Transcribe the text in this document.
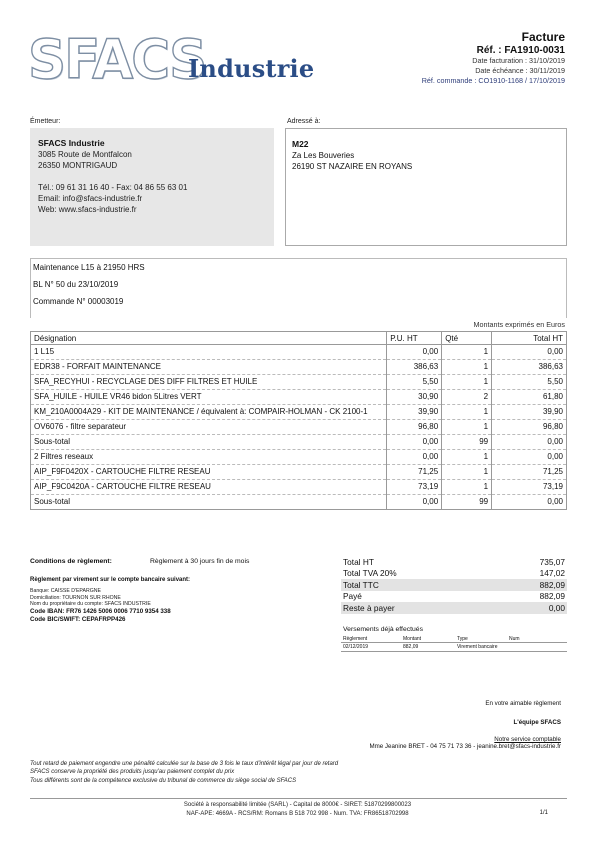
SFACS
Industrie
Facture
Réf. : FA1910-0031
Date facturation : 31/10/2019
Date échéance : 30/11/2019
Réf. commande : CO1910-1168 / 17/10/2019
Émetteur:	Adressé à:
SFACS Industrie
3085 Route de Montfalcon
26350 MONTRIGAUD
Tél.: 09 61 31 16 40 - Fax: 04 86 55 63 01
Email: info@sfacs-industrie.fr
Web: www.sfacs-industrie.fr
M22
Za Les Bouveries
26190 ST NAZAIRE EN ROYANS
Maintenance L15 à 21950 HRS
BL N° 50 du 23/10/2019
Commande N° 00003019
Montants exprimés en Euros
Désignation	P.U. HT	Qté	Total HT
1 L15	0,00	1	0,00
EDR38 - FORFAIT MAINTENANCE	386,63	1	386,63
SFA_RECYHUI - RECYCLAGE DES DIFF FILTRES ET HUILE	5,50	1	5,50
SFA_HUILE - HUILE VR46 bidon 5Litres VERT	30,90	2	61,80
KM_210A0004A29 - KIT DE MAINTENANCE / équivalent à: COMPAIR-HOLMAN - CK 2100-1	39,90	1	39,90
OV6076 - filtre separateur	96,80	1	96,80
Sous-total	0,00	99	0,00
2 Filtres reseaux	0,00	1	0,00
AIP_F9F0420X - CARTOUCHE FILTRE RESEAU	71,25	1	71,25
AIP_F9C0420A - CARTOUCHE FILTRE RESEAU	73,19	1	73,19
Sous-total	0,00	99	0,00
Conditions de règlement:	Règlement à 30 jours fin de mois
Règlement par virement sur le compte bancaire suivant:
Banque: CAISSE D'EPARGNE
Domiciliation: TOURNON SUR RHONE
Nom du propriétaire du compte: SFACS INDUSTRIE
Code IBAN: FR76 1426 5006 0006 7710 9354 338
Code BIC/SWIFT: CEPAFRPP426
Total HT	735,07
Total TVA 20%	147,02
Total TTC	882,09
Payé	882,09
Reste à payer	0,00
Versements déjà effectués
Règlement	Montant	Type	Num
02/12/2019	882,09	Virement bancaire	
En votre aimable règlement
L'équipe SFACS
Notre service comptable
Mme Jeanine BRET - 04 75 71 73 36 - jeanine.bret@sfacs-industrie.fr
Tout retard de paiement engendre une pénalité calculée sur la base de 3 fois le taux d'intérêt légal par jour de retard
SFACS conserve la propriété des produits jusqu'au paiement complet du prix
Tous différents sont de la compétence exclusive du tribunal de commerce du siège social de SFACS
Société à responsabilité limitée (SARL) - Capital de 8000€ - SIRET: 51870299800023
NAF-APE: 4669A - RCS/RM: Romans B 518 702 998 - Num. TVA: FR86518702998	1/1
